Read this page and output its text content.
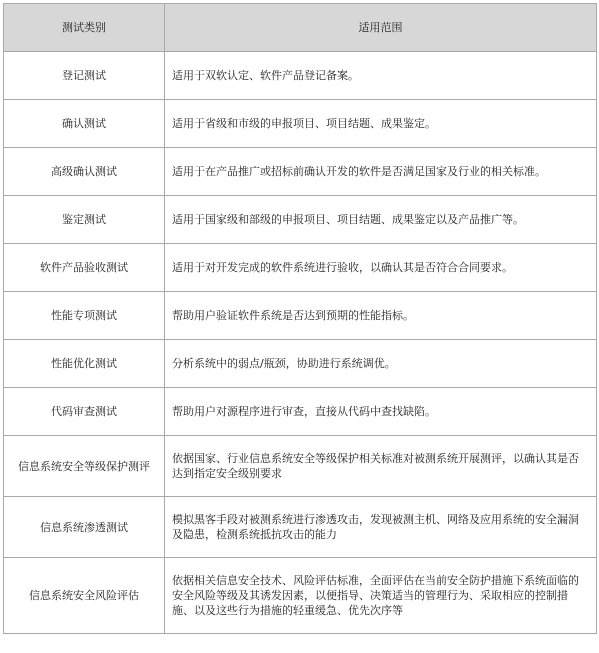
测试类别	适用范围
登记测试	适用于双软认定、软件产品登记备案。
确认测试	适用于省级和市级的申报项目、项目结题、成果鉴定。
高级确认测试	适用于在产品推广或招标前确认开发的软件是否满足国家及行业的相关标准。
鉴定测试	适用于国家级和部级的申报项目、项目结题、成果鉴定以及产品推广等。
软件产品验收测试	适用于对开发完成的软件系统进行验收，以确认其是否符合合同要求。
性能专项测试	帮助用户验证软件系统是否达到预期的性能指标。
性能优化测试	分析系统中的弱点/瓶颈，协助进行系统调优。
代码审查测试	帮助用户对源程序进行审查，直接从代码中查找缺陷。
信息系统安全等级保护测评	依据国家、行业信息系统安全等级保护相关标准对被测系统开展测评，以确认其是否达到指定安全级别要求
信息系统渗透测试	模拟黑客手段对被测系统进行渗透攻击，发现被测主机、网络及应用系统的安全漏洞及隐患，检测系统抵抗攻击的能力
信息系统安全风险评估	依据相关信息安全技术、风险评估标准，全面评估在当前安全防护措施下系统面临的安全风险等级及其诱发因素，以便指导、决策适当的管理行为、采取相应的控制措施、以及这些行为措施的轻重缓急、优先次序等
